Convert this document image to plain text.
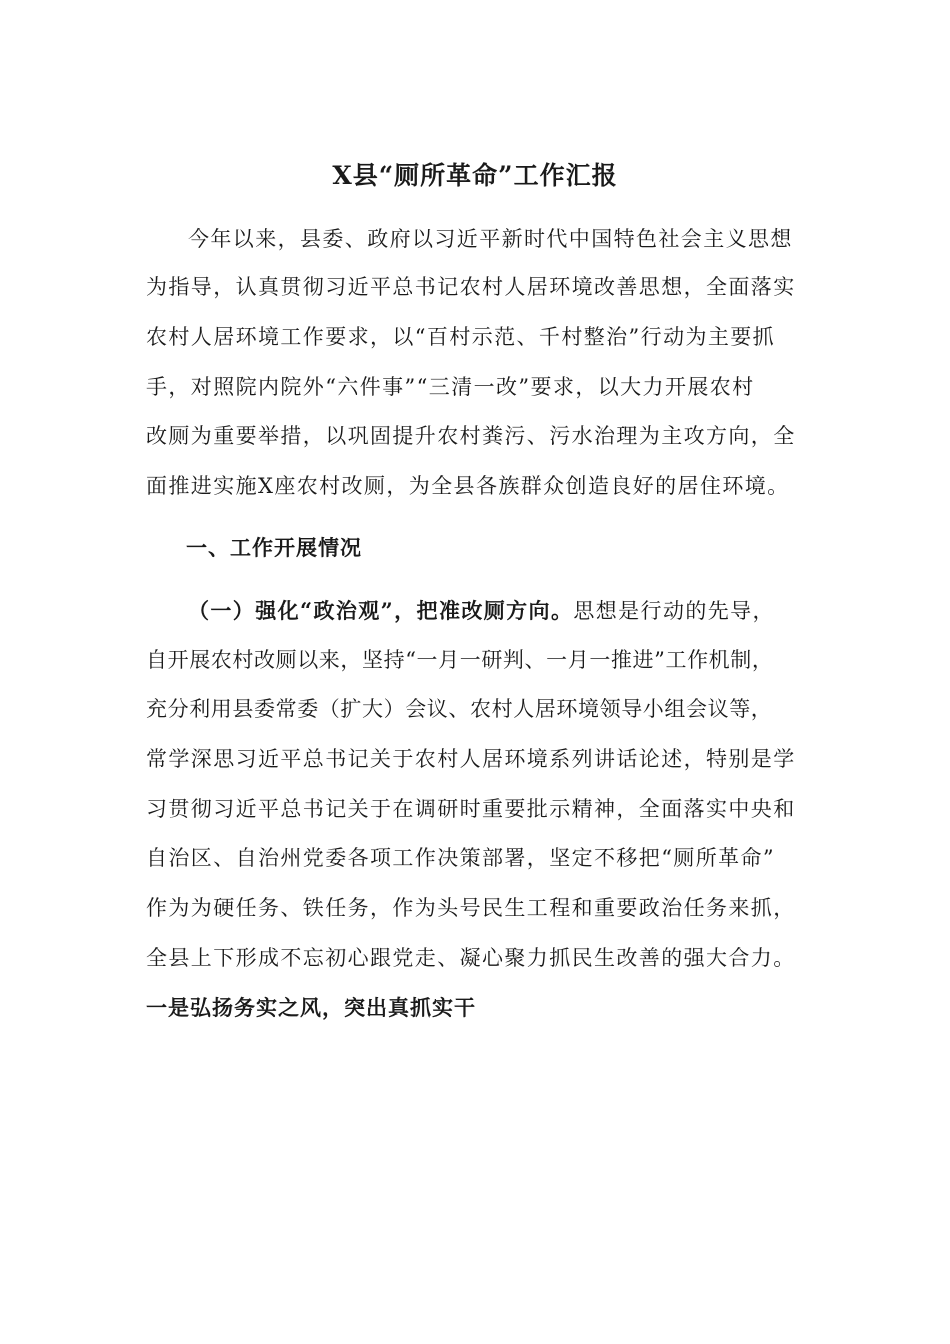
X县“厕所革命”工作汇报
今年以来，县委、政府以习近平新时代中国特色社会主义思想
为指导，认真贯彻习近平总书记农村人居环境改善思想，全面落实
农村人居环境工作要求，以“百村示范、千村整治”行动为主要抓
手，对照院内院外“六件事”“三清一改”要求，以大力开展农村
改厕为重要举措，以巩固提升农村粪污、污水治理为主攻方向，全
面推进实施X座农村改厕，为全县各族群众创造良好的居住环境。
一、工作开展情况
（一）强化“政治观”，把准改厕方向。思想是行动的先导，
自开展农村改厕以来，坚持“一月一研判、一月一推进”工作机制，
充分利用县委常委（扩大）会议、农村人居环境领导小组会议等，
常学深思习近平总书记关于农村人居环境系列讲话论述，特别是学
习贯彻习近平总书记关于在调研时重要批示精神，全面落实中央和
自治区、自治州党委各项工作决策部署，坚定不移把“厕所革命”
作为为硬任务、铁任务，作为头号民生工程和重要政治任务来抓，
全县上下形成不忘初心跟党走、凝心聚力抓民生改善的强大合力。
一是弘扬务实之风，突出真抓实干
